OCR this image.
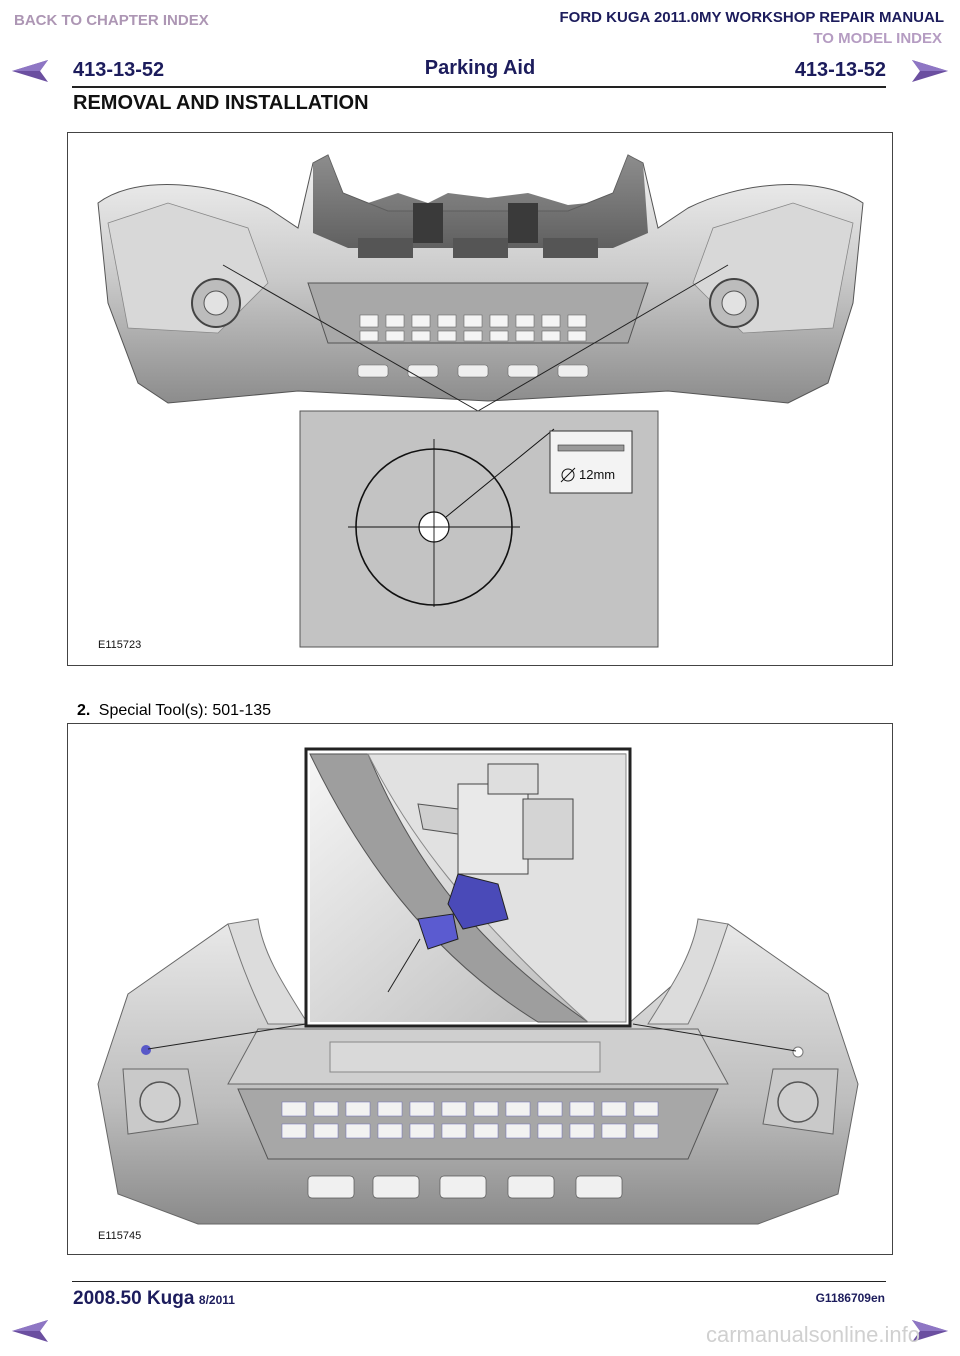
BACK TO CHAPTER INDEX	FORD KUGA 2011.0MY WORKSHOP REPAIR MANUAL
TO MODEL INDEX
413-13-52	Parking Aid	413-13-52
REMOVAL AND INSTALLATION
12mm
E115723
2. Special Tool(s): 501-135
E115745
2008.50 Kuga 8/2011	G1186709en
carmanualsonline.info
